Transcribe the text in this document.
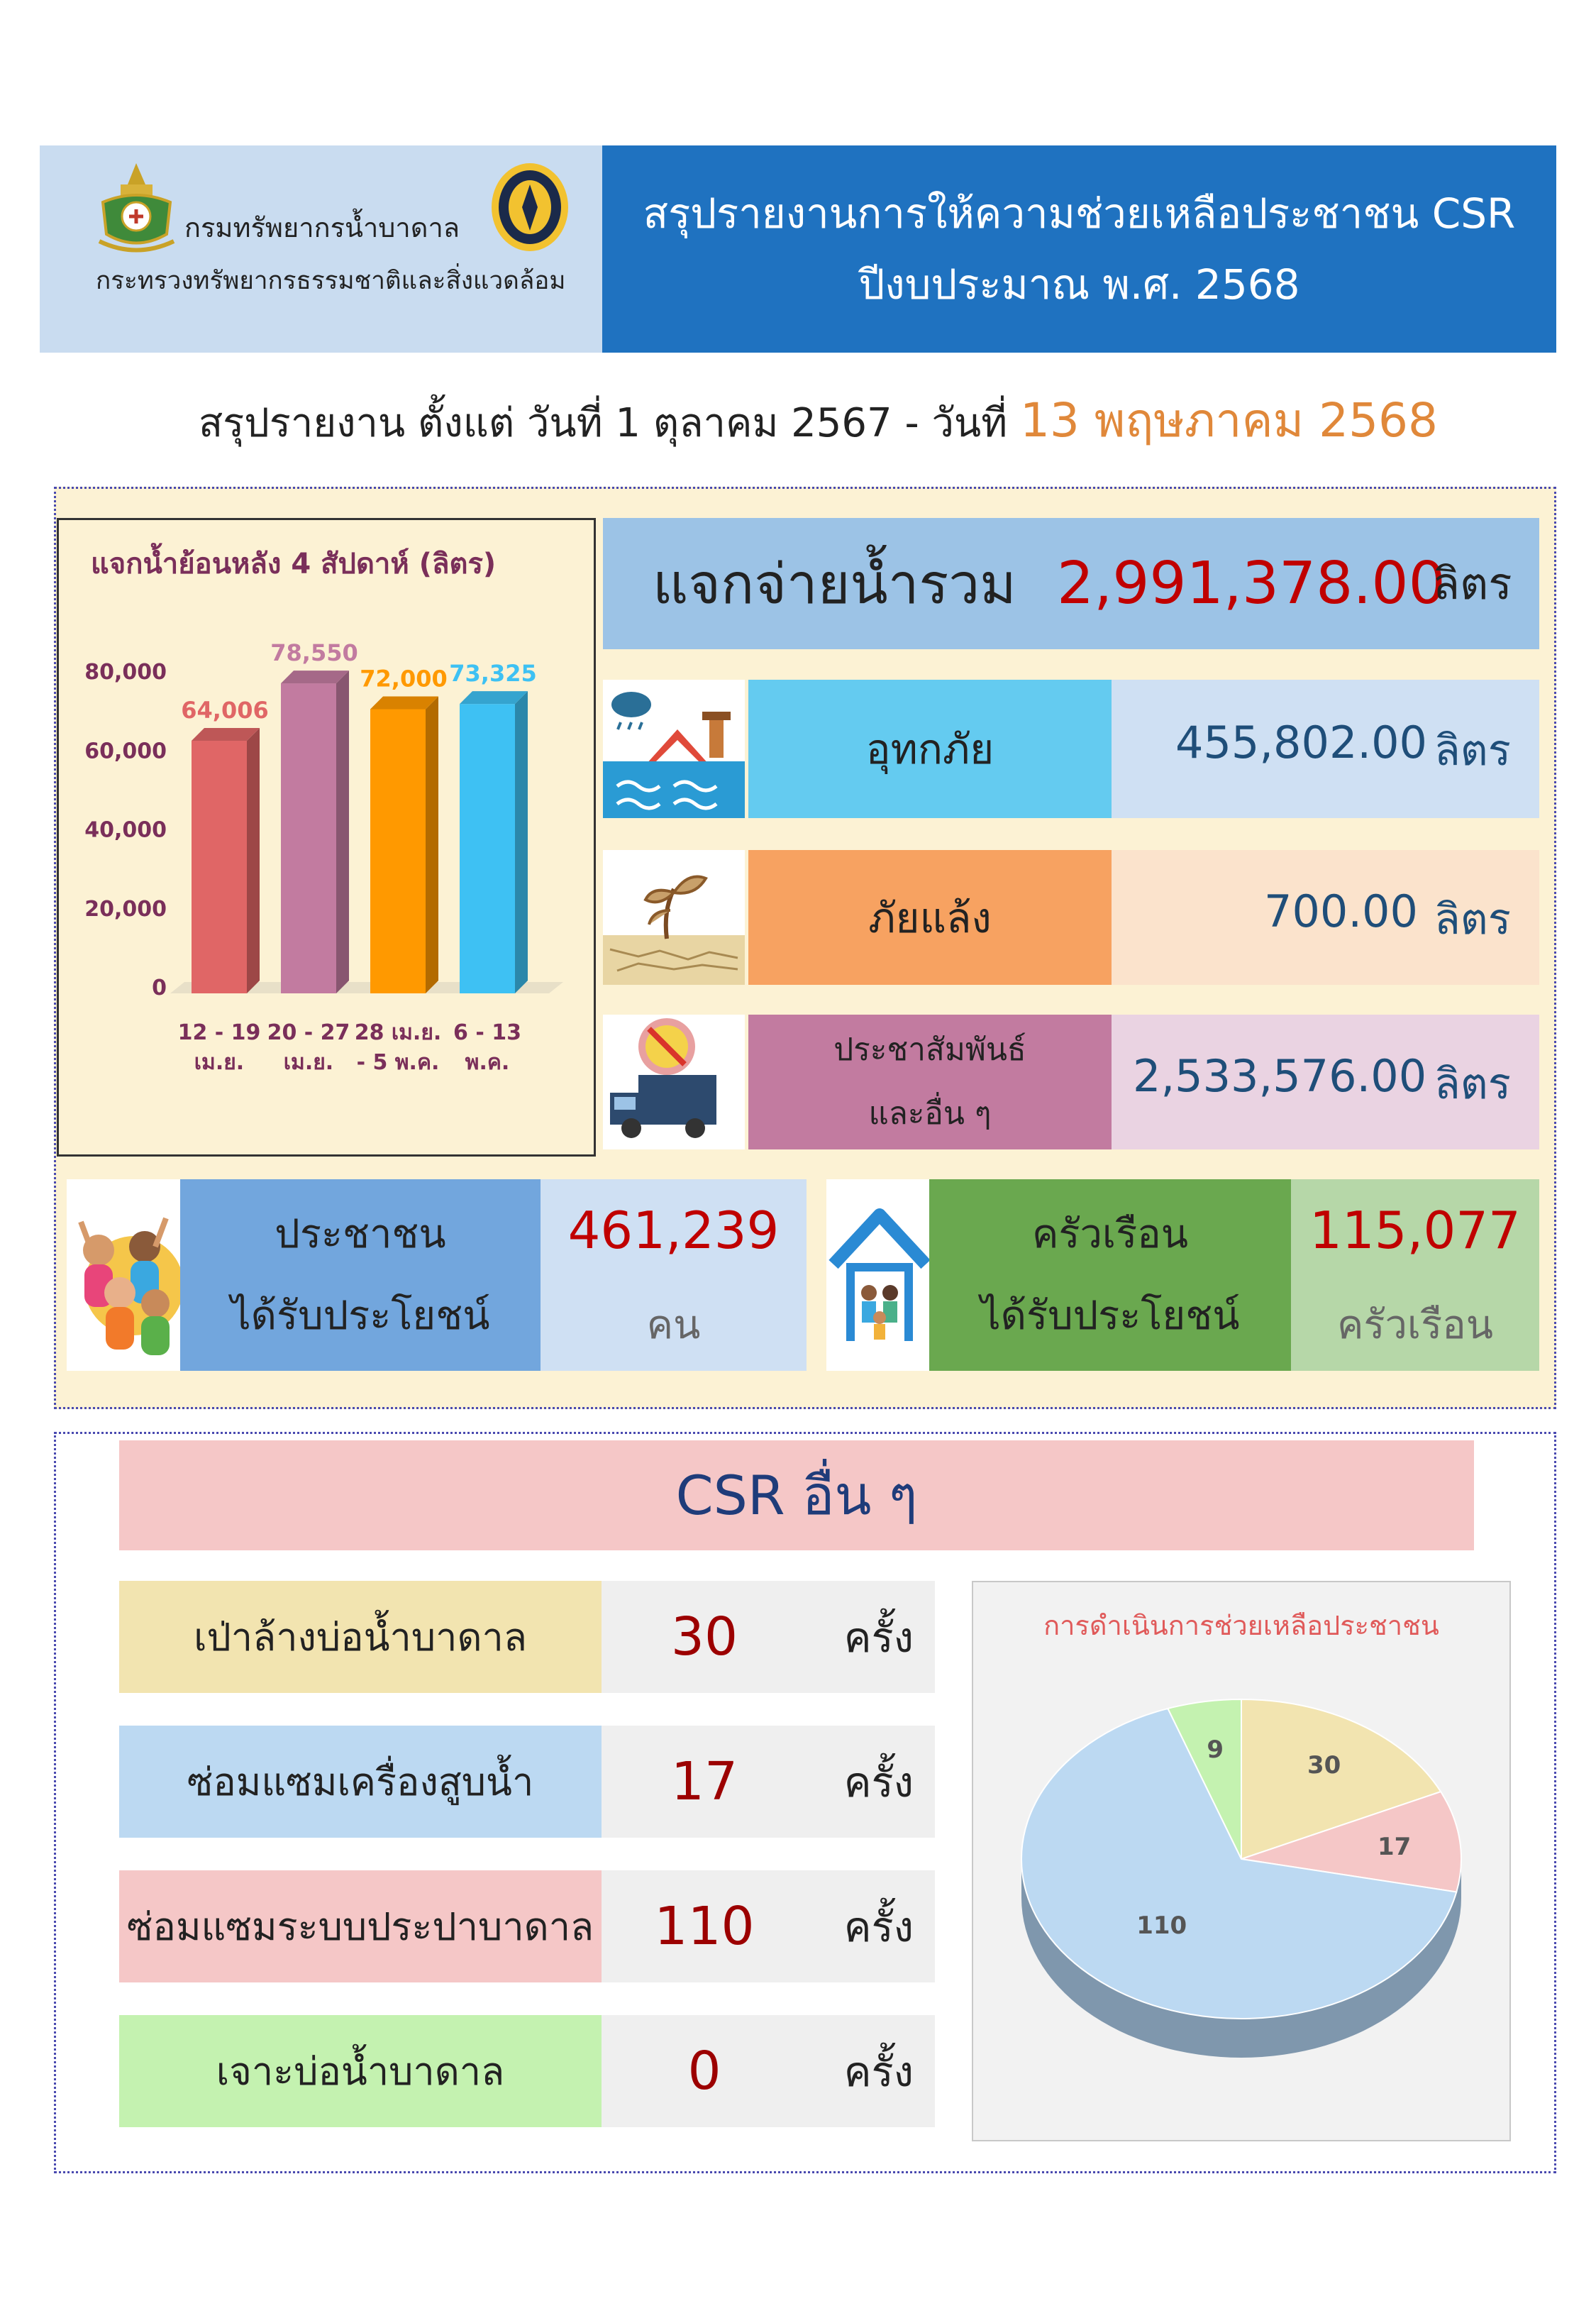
กรมทรัพยากรน้ำบาดาล
กระทรวงทรัพยากรธรรมชาติและสิ่งแวดล้อม
สรุปรายงานการให้ความช่วยเหลือประชาชน CSR
ปีงบประมาณ พ.ศ. 2568
สรุปรายงาน ตั้งแต่ วันที่ 1 ตุลาคม 2567 - วันที่ 13 พฤษภาคม 2568
แจกน้ำย้อนหลัง 4 สัปดาห์ (ลิตร)
0
20,000
40,000
60,000
80,000
64,006
12 - 19
เม.ย.
78,550
20 - 27
เม.ย.
72,000
28 เม.ย.
- 5 พ.ค.
73,325
6 - 13
พ.ค.
แจกจ่ายน้ำรวม 2,991,378.00
ลิตร
อุทกภัย	455,802.00 ลิตร
ภัยแล้ง	700.00 ลิตร
ประชาสัมพันธ์
และอื่น ๆ
2,533,576.00 ลิตร
ประชาชน
ได้รับประโยชน์
461,239
คน
ครัวเรือน
ได้รับประโยชน์
115,077
ครัวเรือน
CSR อื่น ๆ
เป่าล้างบ่อน้ำบาดาล	30	ครั้ง
ซ่อมแซมเครื่องสูบน้ำ	17	ครั้ง
ซ่อมแซมระบบประปาบาดาล	110	ครั้ง
เจาะบ่อน้ำบาดาล	0	ครั้ง
การดำเนินการช่วยเหลือประชาชน
30
17
110
9
